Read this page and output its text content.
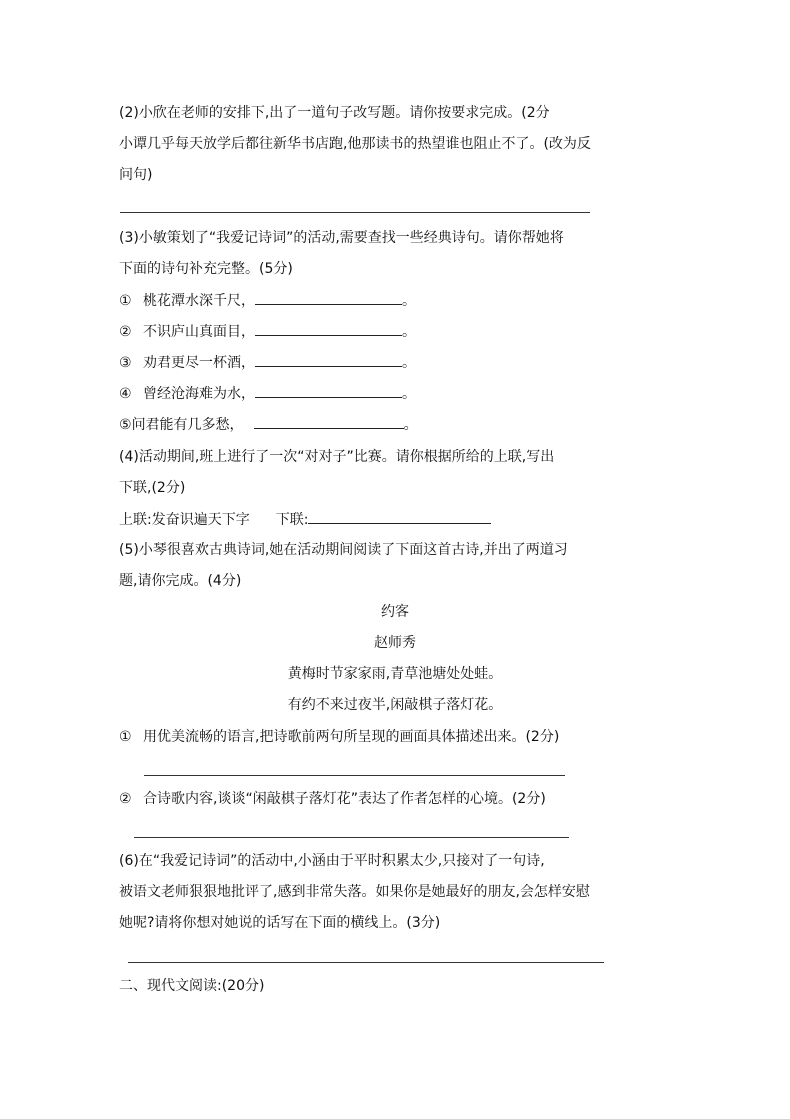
(2)小欣在老师的安排下,出了一道句子改写题。请你按要求完成。(2分
小谭几乎每天放学后都往新华书店跑,他那读书的热望谁也阻止不了。(改为反
问句)
(3)小敏策划了“我爱记诗词”的活动,需要查找一些经典诗句。请你帮她将
下面的诗句补充完整。(5分)
① 桃花潭水深千尺，	。
② 不识庐山真面目，	。
③ 劝君更尽一杯酒，	。
④ 曾经沧海难为水，	。
⑤问君能有几多愁，	。
(4)活动期间,班上进行了一次“对对子”比赛。请你根据所给的上联,写出
下联,(2分)
上联:发奋识遍天下字 下联:
(5)小琴很喜欢古典诗词,她在活动期间阅读了下面这首古诗,并出了两道习
题,请你完成。(4分)
约客
赵师秀
黄梅时节家家雨,青草池塘处处蛙。
有约不来过夜半,闲敲棋子落灯花。
① 用优美流畅的语言,把诗歌前两句所呈现的画面具体描述出来。(2分)
② 合诗歌内容,谈谈“闲敲棋子落灯花”表达了作者怎样的心境。(2分)
(6)在“我爱记诗词”的活动中,小涵由于平时积累太少,只接对了一句诗,
被语文老师狠狠地批评了,感到非常失落。如果你是她最好的朋友,会怎样安慰
她呢?请将你想对她说的话写在下面的横线上。(3分)
二、现代文阅读:(20分)
